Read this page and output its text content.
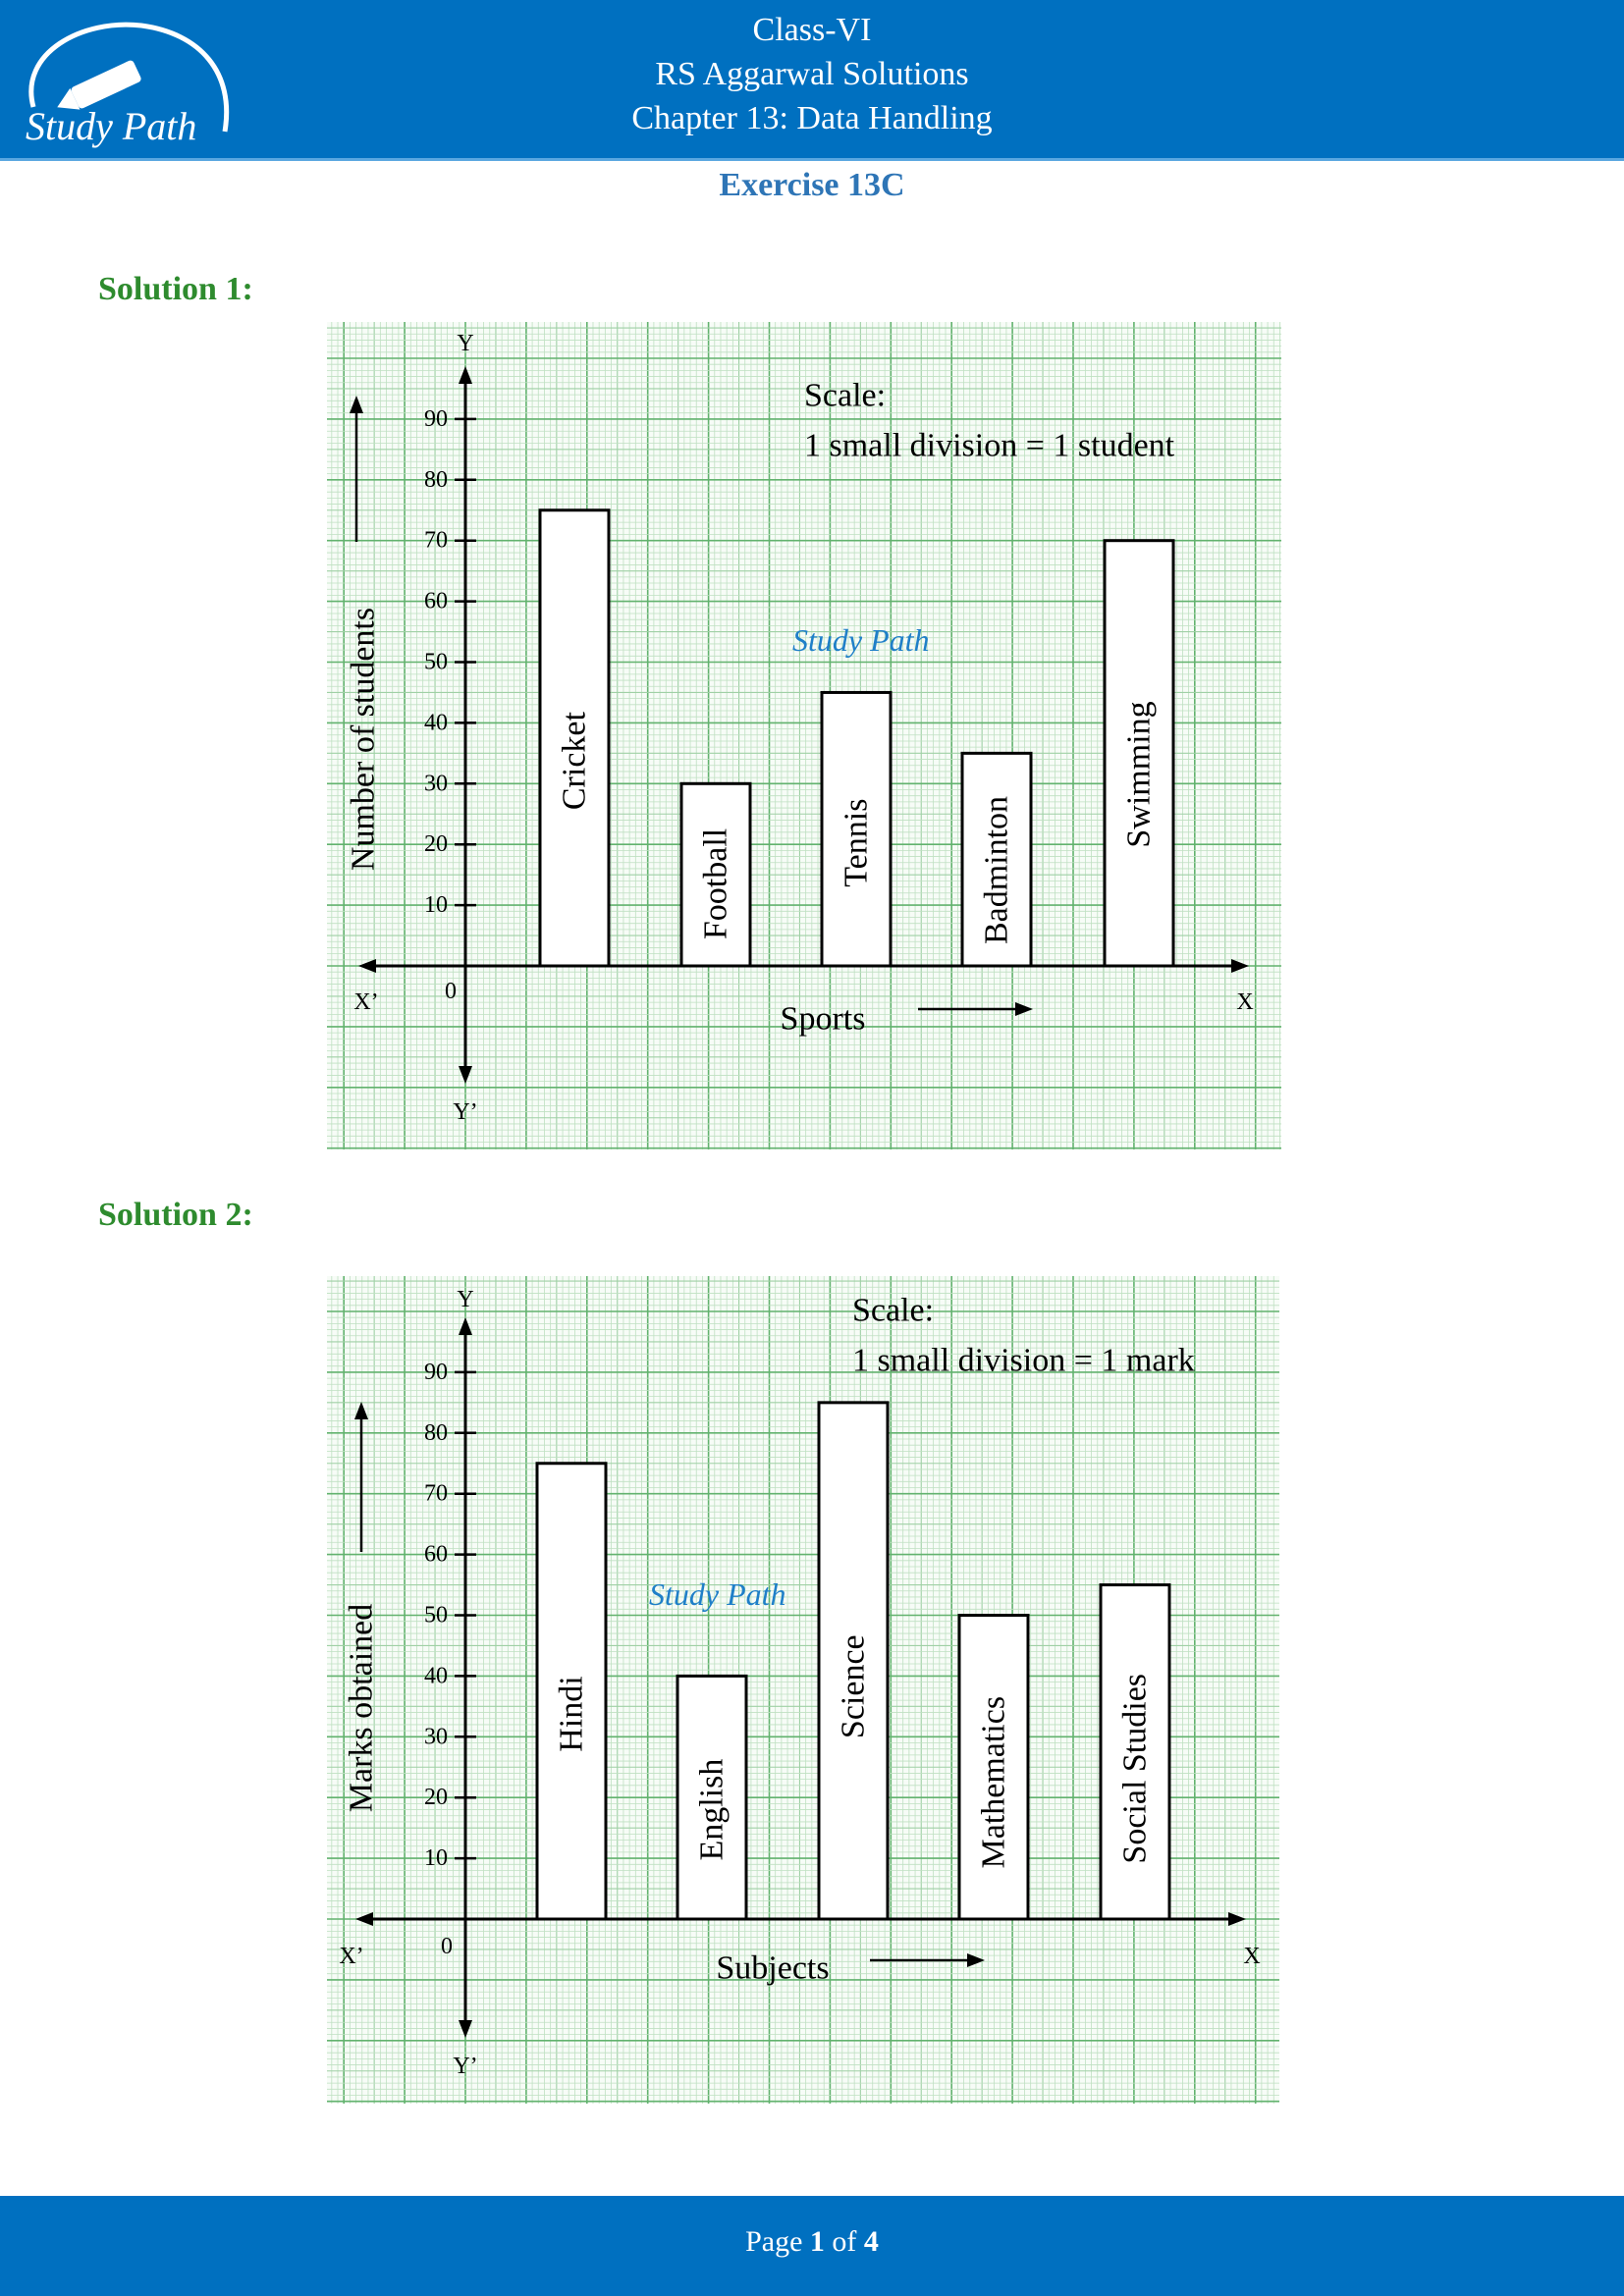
Study Path
Class-VI
RS Aggarwal Solutions
Chapter 13: Data Handling
Exercise 13C
Solution 1:
Solution 2:
Study Path
Cricket
Football	Tennis	Badminton
Swimming
10
20
30
40
50
60
70
80
90
Y
Y’
X’	X
0
Number of students
Sports
Scale:
1 small division = 1 student
Study Path
Hindi
English
Science
Mathematics	Social Studies
10
20
30
40
50
60
70
80
90
Y
Y’
X’	X
0
Marks obtained
Subjects
Scale:
1 small division = 1 mark
Page 1 of 4
